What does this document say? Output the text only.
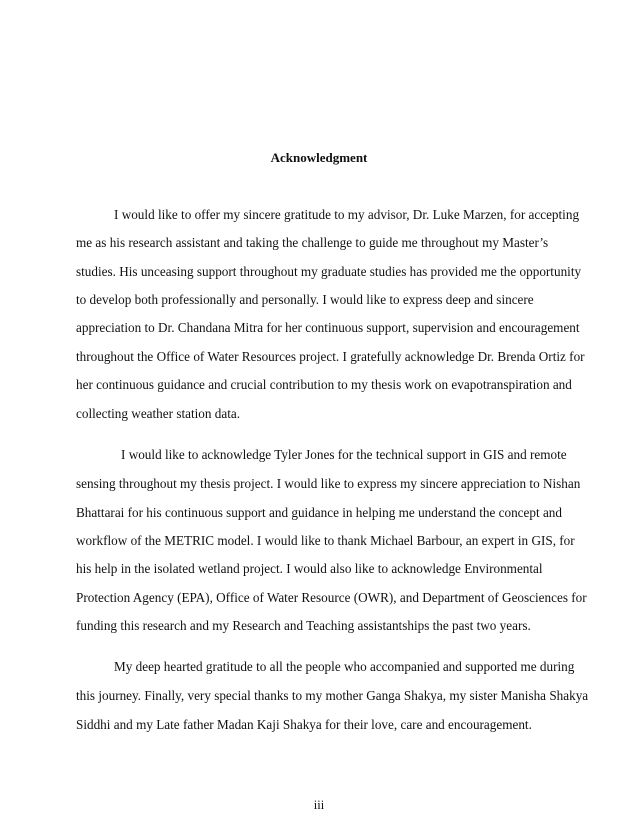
Acknowledgment

I would like to offer my sincere gratitude to my advisor, Dr. Luke Marzen, for accepting

me as his research assistant and taking the challenge to guide me throughout my Master’s

studies. His unceasing support throughout my graduate studies has provided me the opportunity

to develop both professionally and personally. I would like to express deep and sincere

appreciation to Dr. Chandana Mitra for her continuous support, supervision and encouragement

throughout the Office of Water Resources project. I gratefully acknowledge Dr. Brenda Ortiz for

her continuous guidance and crucial contribution to my thesis work on evapotranspiration and

collecting weather station data.

I would like to acknowledge Tyler Jones for the technical support in GIS and remote

sensing throughout my thesis project. I would like to express my sincere appreciation to Nishan

Bhattarai for his continuous support and guidance in helping me understand the concept and

workflow of the METRIC model. I would like to thank Michael Barbour, an expert in GIS, for

his help in the isolated wetland project. I would also like to acknowledge Environmental

Protection Agency (EPA), Office of Water Resource (OWR), and Department of Geosciences for

funding this research and my Research and Teaching assistantships the past two years.

My deep hearted gratitude to all the people who accompanied and supported me during

this journey. Finally, very special thanks to my mother Ganga Shakya, my sister Manisha Shakya

Siddhi and my Late father Madan Kaji Shakya for their love, care and encouragement.

iii
